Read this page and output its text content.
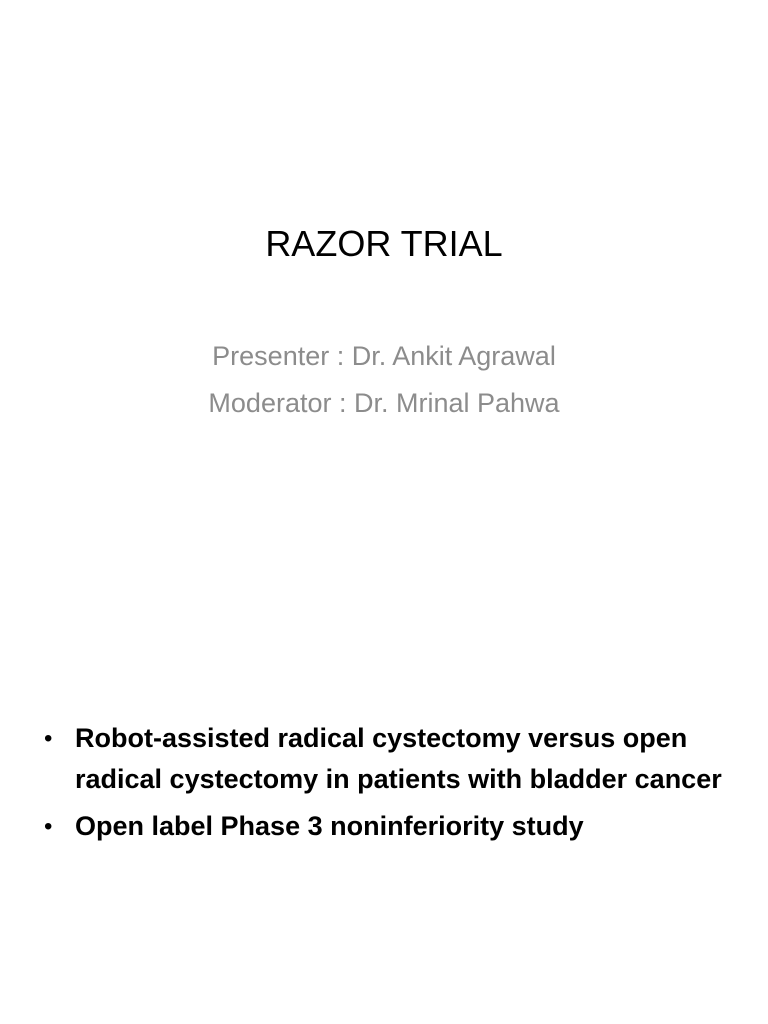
RAZOR TRIAL
Presenter : Dr. Ankit Agrawal
Moderator : Dr. Mrinal Pahwa
• Robot-assisted radical cystectomy versus open radical cystectomy in patients with bladder cancer
• Open label Phase 3 noninferiority study
